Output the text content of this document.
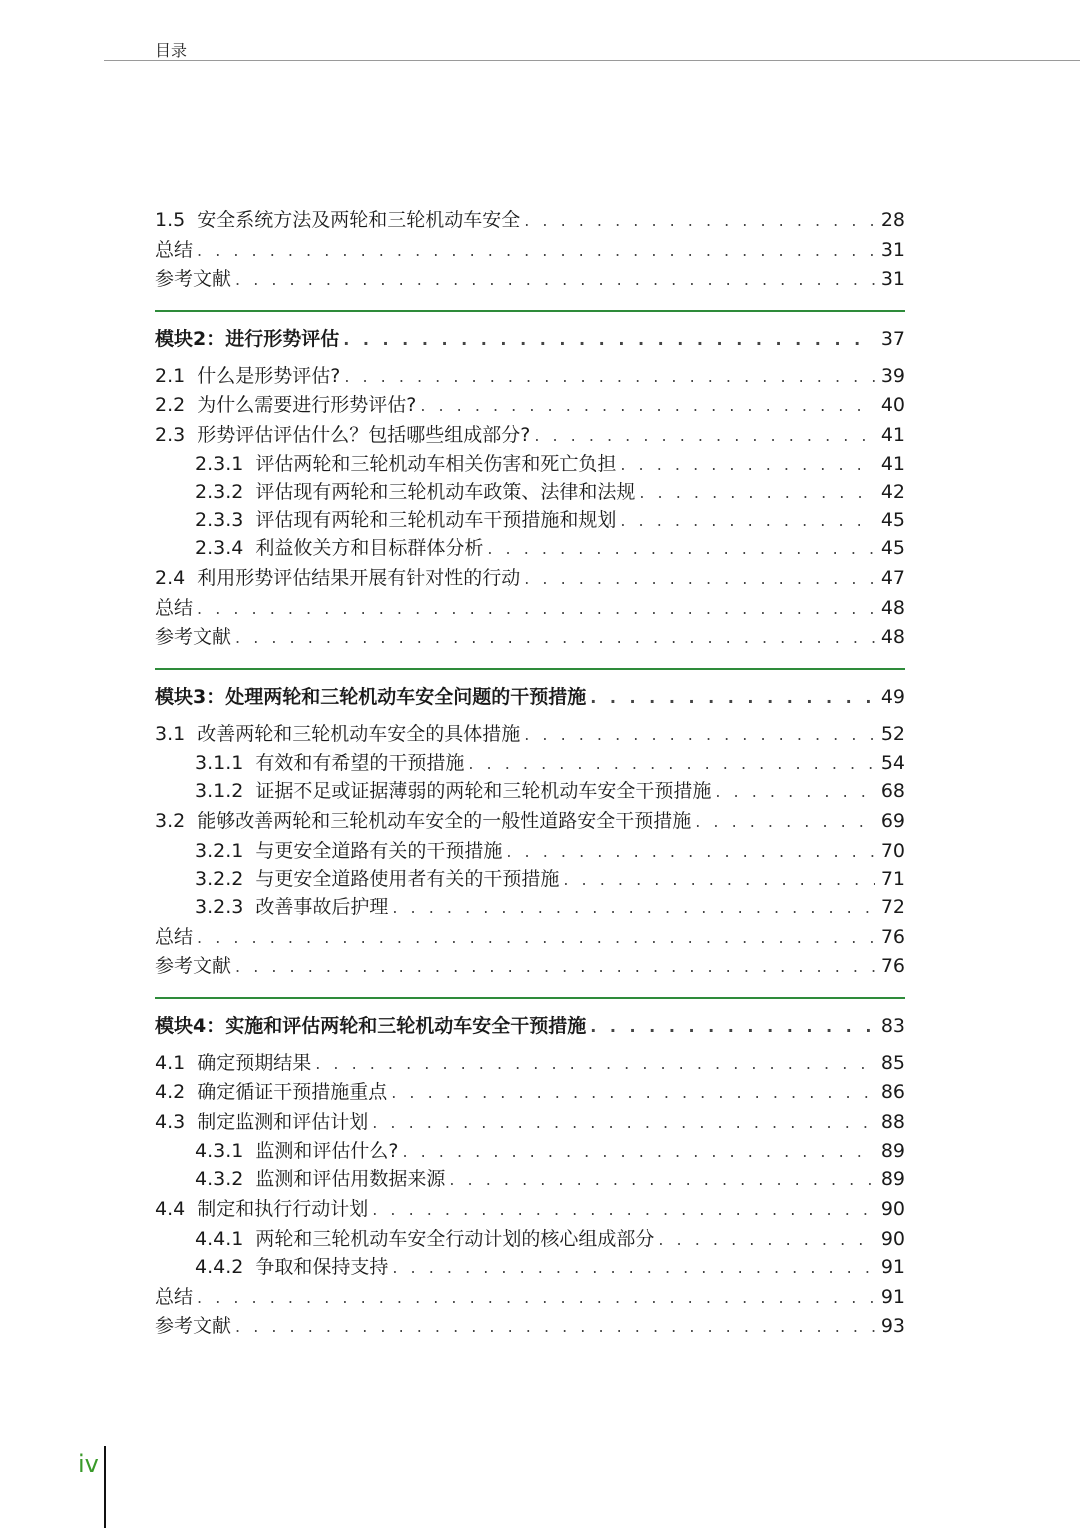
目录
1.5 安全系统方法及两轮和三轮机动车安全 . . .	28
总结 . . .	31
参考文献 . . .	31
模块2：进行形势评估 . . .	37
2.1 什么是形势评估? . . .	39
2.2 为什么需要进行形势评估? . . .	40
2.3 形势评估评估什么？包括哪些组成部分? . . .	41
2.3.1 评估两轮和三轮机动车相关伤害和死亡负担 . . .	41
2.3.2 评估现有两轮和三轮机动车政策、法律和法规 . . .	42
2.3.3 评估现有两轮和三轮机动车干预措施和规划 . . .	45
2.3.4 利益攸关方和目标群体分析 . . .	45
2.4 利用形势评估结果开展有针对性的行动 . . .	47
总结 . . .	48
参考文献 . . .	48
模块3：处理两轮和三轮机动车安全问题的干预措施 . . .	49
3.1 改善两轮和三轮机动车安全的具体措施 . . .	52
3.1.1 有效和有希望的干预措施 . . .	54
3.1.2 证据不足或证据薄弱的两轮和三轮机动车安全干预措施 . . .	68
3.2 能够改善两轮和三轮机动车安全的一般性道路安全干预措施 . . .	69
3.2.1 与更安全道路有关的干预措施 . . .	70
3.2.2 与更安全道路使用者有关的干预措施 . . .	71
3.2.3 改善事故后护理 . . .	72
总结 . . .	76
参考文献 . . .	76
模块4：实施和评估两轮和三轮机动车安全干预措施 . . .	83
4.1 确定预期结果 . . .	85
4.2 确定循证干预措施重点 . . .	86
4.3 制定监测和评估计划 . . .	88
4.3.1 监测和评估什么? . . .	89
4.3.2 监测和评估用数据来源 . . .	89
4.4 制定和执行行动计划 . . .	90
4.4.1 两轮和三轮机动车安全行动计划的核心组成部分 . . .	90
4.4.2 争取和保持支持 . . .	91
总结 . . .	91
参考文献 . . .	93
iv
